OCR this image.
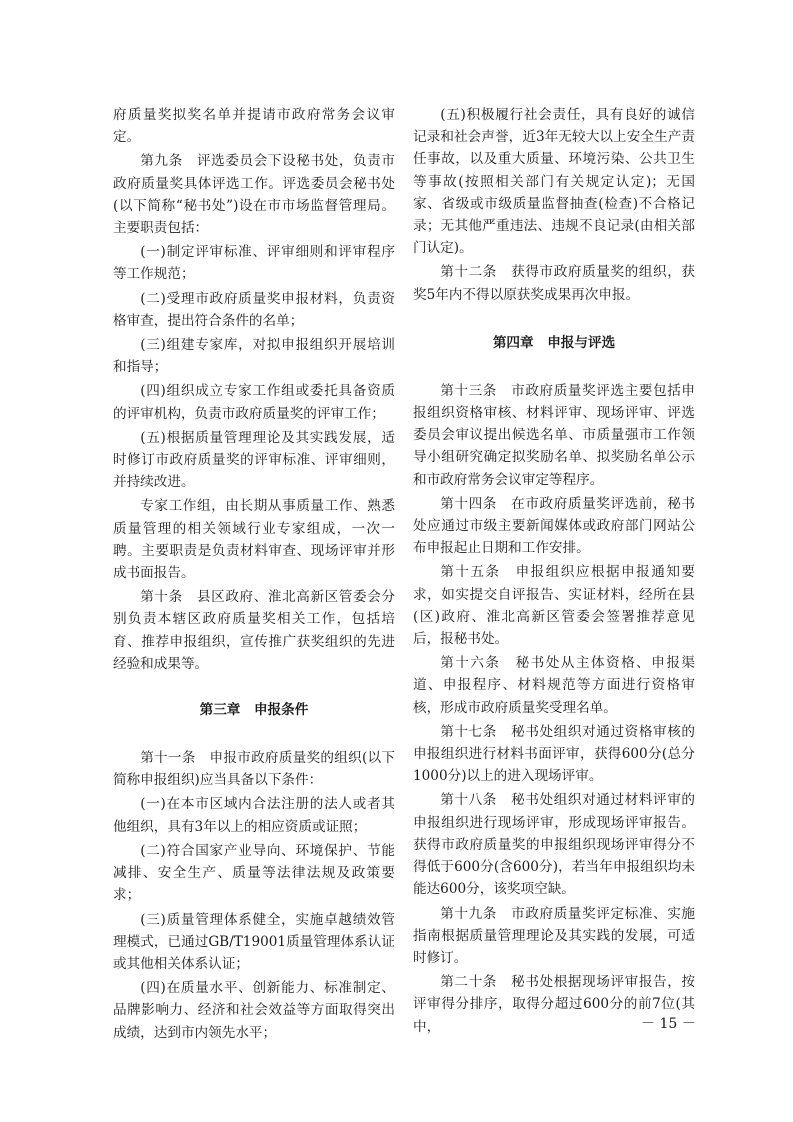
府质量奖拟奖名单并提请市政府常务会议审定。

第九条　评选委员会下设秘书处，负责市政府质量奖具体评选工作。评选委员会秘书处(以下简称“秘书处”)设在市市场监督管理局。主要职责包括：

(一)制定评审标准、评审细则和评审程序等工作规范；

(二)受理市政府质量奖申报材料，负责资格审查，提出符合条件的名单；

(三)组建专家库，对拟申报组织开展培训和指导；

(四)组织成立专家工作组或委托具备资质的评审机构，负责市政府质量奖的评审工作；

(五)根据质量管理理论及其实践发展，适时修订市政府质量奖的评审标准、评审细则，并持续改进。

专家工作组，由长期从事质量工作、熟悉质量管理的相关领域行业专家组成，一次一聘。主要职责是负责材料审查、现场评审并形成书面报告。

第十条　县区政府、淮北高新区管委会分别负责本辖区政府质量奖相关工作，包括培育、推荐申报组织，宣传推广获奖组织的先进经验和成果等。

第三章　申报条件

第十一条　申报市政府质量奖的组织(以下简称申报组织)应当具备以下条件：

(一)在本市区域内合法注册的法人或者其他组织，具有3年以上的相应资质或证照；

(二)符合国家产业导向、环境保护、节能减排、安全生产、质量等法律法规及政策要求；

(三)质量管理体系健全，实施卓越绩效管理模式，已通过GB/T19001质量管理体系认证或其他相关体系认证；

(四)在质量水平、创新能力、标准制定、品牌影响力、经济和社会效益等方面取得突出成绩，达到市内领先水平；

(五)积极履行社会责任，具有良好的诚信记录和社会声誉，近3年无较大以上安全生产责任事故，以及重大质量、环境污染、公共卫生等事故(按照相关部门有关规定认定)；无国家、省级或市级质量监督抽查(检查)不合格记录；无其他严重违法、违规不良记录(由相关部门认定)。

第十二条　获得市政府质量奖的组织，获奖5年内不得以原获奖成果再次申报。

第四章　申报与评选

第十三条　市政府质量奖评选主要包括申报组织资格审核、材料评审、现场评审、评选委员会审议提出候选名单、市质量强市工作领导小组研究确定拟奖励名单、拟奖励名单公示和市政府常务会议审定等程序。

第十四条　在市政府质量奖评选前，秘书处应通过市级主要新闻媒体或政府部门网站公布申报起止日期和工作安排。

第十五条　申报组织应根据申报通知要求，如实提交自评报告、实证材料，经所在县(区)政府、淮北高新区管委会签署推荐意见后，报秘书处。

第十六条　秘书处从主体资格、申报渠道、申报程序、材料规范等方面进行资格审核，形成市政府质量奖受理名单。

第十七条　秘书处组织对通过资格审核的申报组织进行材料书面评审，获得600分(总分1000分)以上的进入现场评审。

第十八条　秘书处组织对通过材料评审的申报组织进行现场评审，形成现场评审报告。获得市政府质量奖的申报组织现场评审得分不得低于600分(含600分)，若当年申报组织均未能达600分，该奖项空缺。

第十九条　市政府质量奖评定标准、实施指南根据质量管理理论及其实践的发展，可适时修订。

第二十条　秘书处根据现场评审报告，按评审得分排序，取得分超过600分的前7位(其中，	－ 15 －
